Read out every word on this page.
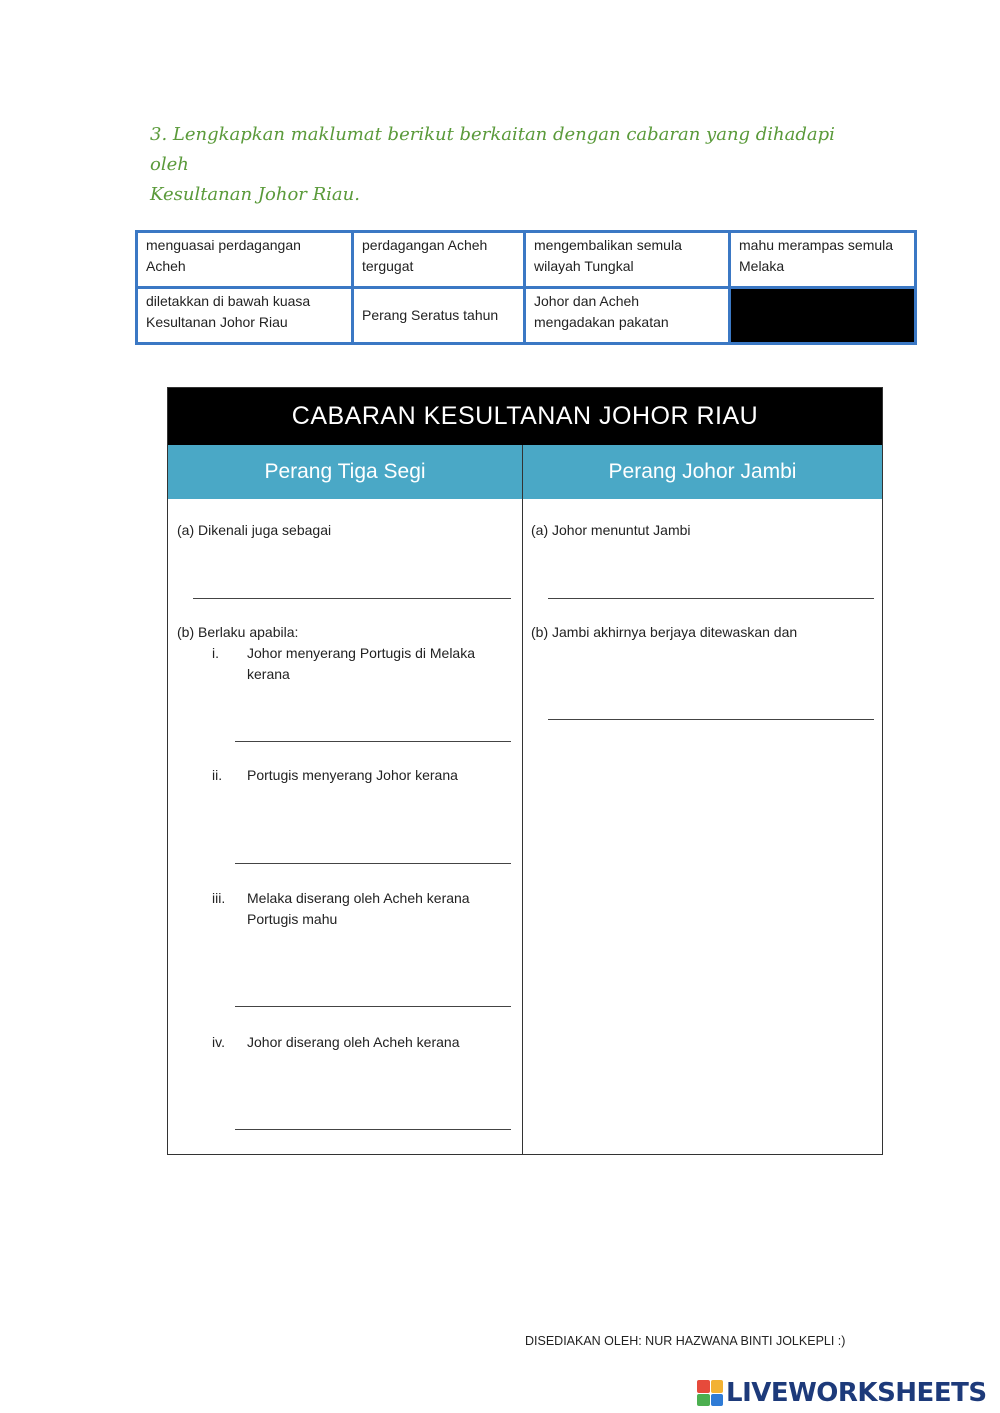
3. Lengkapkan maklumat berikut berkaitan dengan cabaran yang dihadapi oleh
Kesultanan Johor Riau.
menguasai perdagangan Acheh	perdagangan Acheh tergugat	mengembalikan semula wilayah Tungkal	mahu merampas semula Melaka
diletakkan di bawah kuasa Kesultanan Johor Riau	Perang Seratus tahun	Johor dan Acheh mengadakan pakatan	
CABARAN KESULTANAN JOHOR RIAU
Perang Tiga Segi	Perang Johor Jambi
(a) Dikenali juga sebagai
(b) Berlaku apabila:
i. Johor menyerang Portugis di Melaka
kerana
ii. Portugis menyerang Johor kerana
iii. Melaka diserang oleh Acheh kerana
Portugis mahu
iv. Johor diserang oleh Acheh kerana
(a) Johor menuntut Jambi
(b) Jambi akhirnya berjaya ditewaskan dan
DISEDIAKAN OLEH: NUR HAZWANA BINTI JOLKEPLI :)
LIVEWORKSHEETS
